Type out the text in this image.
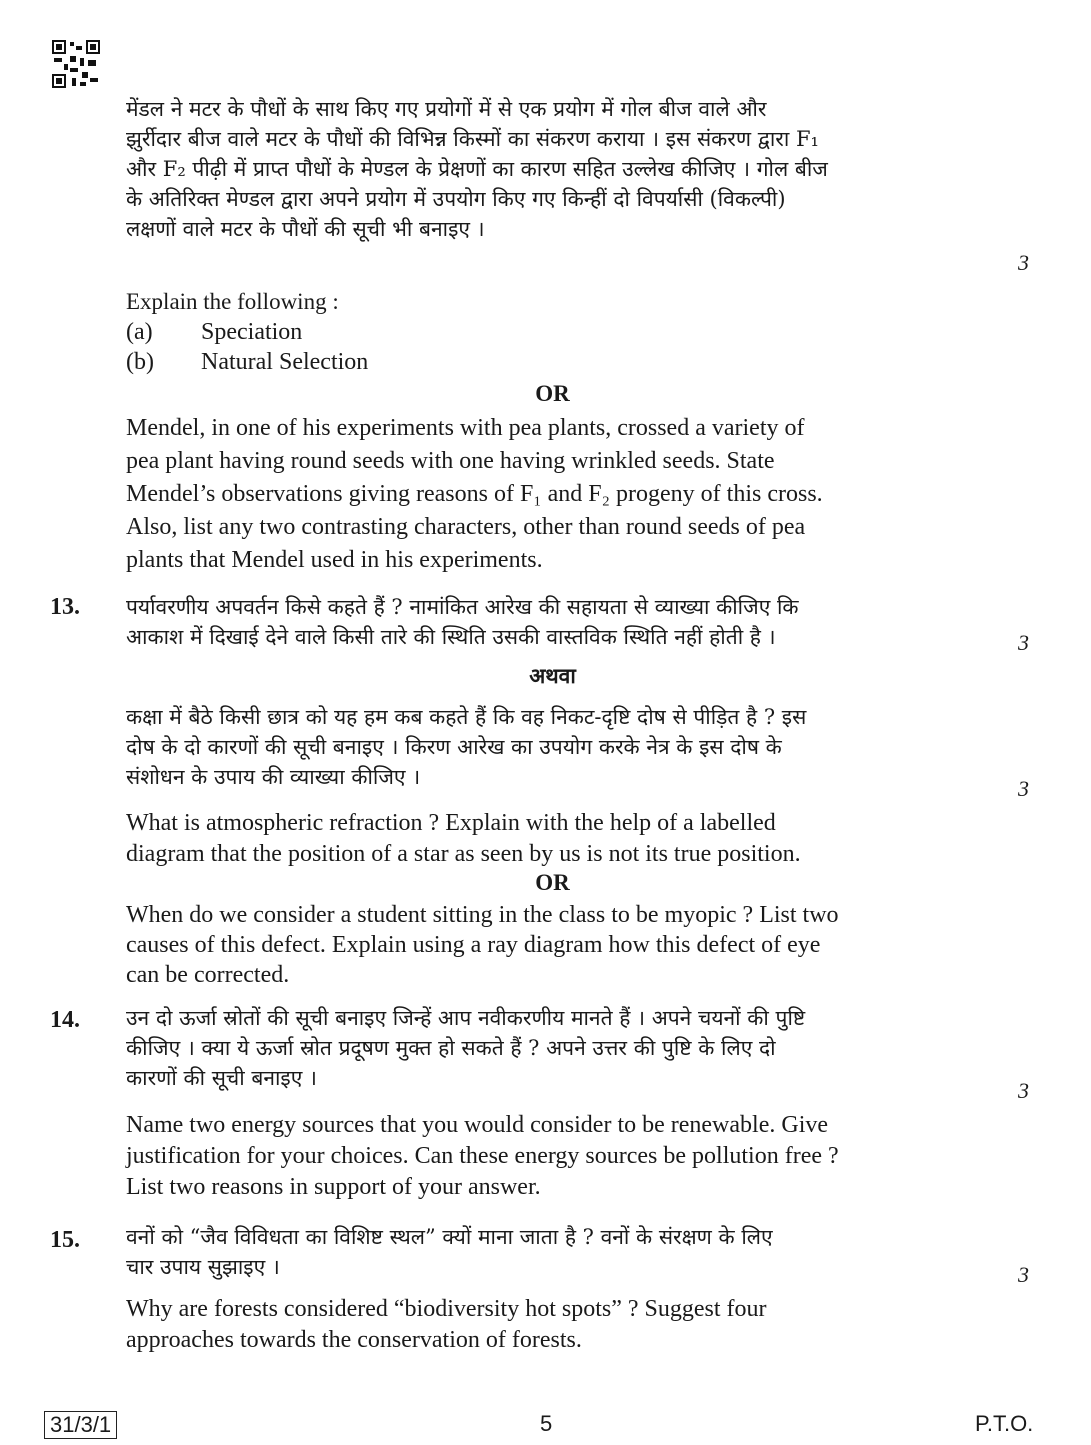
मेंडल ने मटर के पौधों के साथ किए गए प्रयोगों में से एक प्रयोग में गोल बीज वाले और
झुर्रीदार बीज वाले मटर के पौधों की विभिन्न किस्मों का संकरण कराया । इस संकरण द्वारा F₁
और F₂ पीढ़ी में प्राप्त पौधों के मेण्डल के प्रेक्षणों का कारण सहित उल्लेख कीजिए । गोल बीज
के अतिरिक्त मेण्डल द्वारा अपने प्रयोग में उपयोग किए गए किन्हीं दो विपर्यासी (विकल्पी)
लक्षणों वाले मटर के पौधों की सूची भी बनाइए ।
3
Explain the following :
(a) Speciation
(b) Natural Selection
OR
Mendel, in one of his experiments with pea plants, crossed a variety of
pea plant having round seeds with one having wrinkled seeds. State
Mendel’s observations giving reasons of F₁ and F₂ progeny of this cross.
Also, list any two contrasting characters, other than round seeds of pea
plants that Mendel used in his experiments.
13. पर्यावरणीय अपवर्तन किसे कहते हैं ? नामांकित आरेख की सहायता से व्याख्या कीजिए कि
आकाश में दिखाई देने वाले किसी तारे की स्थिति उसकी वास्तविक स्थिति नहीं होती है ।	3
अथवा
कक्षा में बैठे किसी छात्र को यह हम कब कहते हैं कि वह निकट-दृष्टि दोष से पीड़ित है ? इस
दोष के दो कारणों की सूची बनाइए । किरण आरेख का उपयोग करके नेत्र के इस दोष के
संशोधन के उपाय की व्याख्या कीजिए ।	3
What is atmospheric refraction ? Explain with the help of a labelled
diagram that the position of a star as seen by us is not its true position.
OR
When do we consider a student sitting in the class to be myopic ? List two
causes of this defect. Explain using a ray diagram how this defect of eye
can be corrected.
14. उन दो ऊर्जा स्रोतों की सूची बनाइए जिन्हें आप नवीकरणीय मानते हैं । अपने चयनों की पुष्टि
कीजिए । क्या ये ऊर्जा स्रोत प्रदूषण मुक्त हो सकते हैं ? अपने उत्तर की पुष्टि के लिए दो
कारणों की सूची बनाइए ।	3
Name two energy sources that you would consider to be renewable. Give
justification for your choices. Can these energy sources be pollution free ?
List two reasons in support of your answer.
15. वनों को “जैव विविधता का विशिष्ट स्थल” क्यों माना जाता है ? वनों के संरक्षण के लिए
चार उपाय सुझाइए ।	3
Why are forests considered “biodiversity hot spots” ? Suggest four
approaches towards the conservation of forests.
31/3/1	5	P.T.O.
